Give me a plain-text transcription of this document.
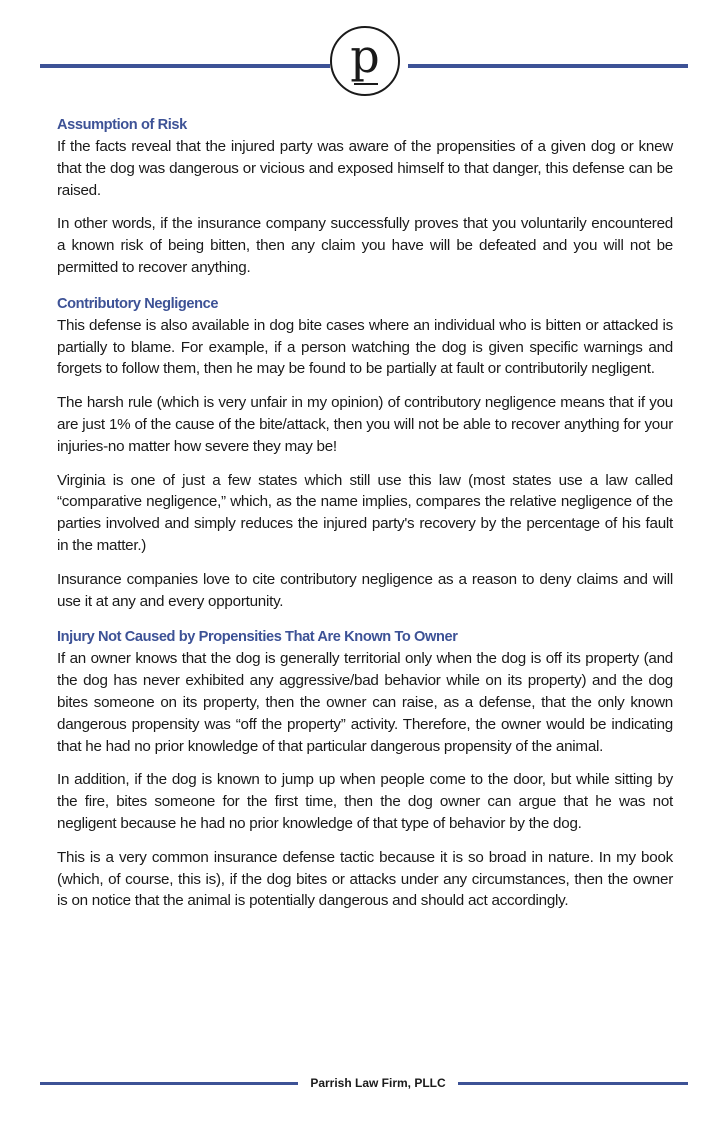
p
Assumption of Risk

If the facts reveal that the injured party was aware of the propensities of a given dog or knew that the dog was dangerous or vicious and exposed himself to that danger, this defense can be raised.

In other words, if the insurance company successfully proves that you voluntarily encountered a known risk of being bitten, then any claim you have will be defeated and you will not be permitted to recover anything.

Contributory Negligence

This defense is also available in dog bite cases where an individual who is bitten or attacked is partially to blame. For example, if a person watching the dog is given specific warnings and forgets to follow them, then he may be found to be partially at fault or contributorily negligent.

The harsh rule (which is very unfair in my opinion) of contributory negligence means that if you are just 1% of the cause of the bite/attack, then you will not be able to recover anything for your injuries-no matter how severe they may be!

Virginia is one of just a few states which still use this law (most states use a law called “comparative negligence,” which, as the name implies, compares the relative negligence of the parties involved and simply reduces the injured party's recovery by the percentage of his fault in the matter.)

Insurance companies love to cite contributory negligence as a reason to deny claims and will use it at any and every opportunity.

Injury Not Caused by Propensities That Are Known To Owner

If an owner knows that the dog is generally territorial only when the dog is off its property (and the dog has never exhibited any aggressive/bad behavior while on its property) and the dog bites someone on its property, then the owner can raise, as a defense, that the only known dangerous propensity was “off the property” activity. Therefore, the owner would be indicating that he had no prior knowledge of that particular dangerous propensity of the animal.

In addition, if the dog is known to jump up when people come to the door, but while sitting by the fire, bites someone for the first time, then the dog owner can argue that he was not negligent because he had no prior knowledge of that type of behavior by the dog.

This is a very common insurance defense tactic because it is so broad in nature. In my book (which, of course, this is), if the dog bites or attacks under any circumstances, then the owner is on notice that the animal is potentially dangerous and should act accordingly.

Parrish Law Firm, PLLC
